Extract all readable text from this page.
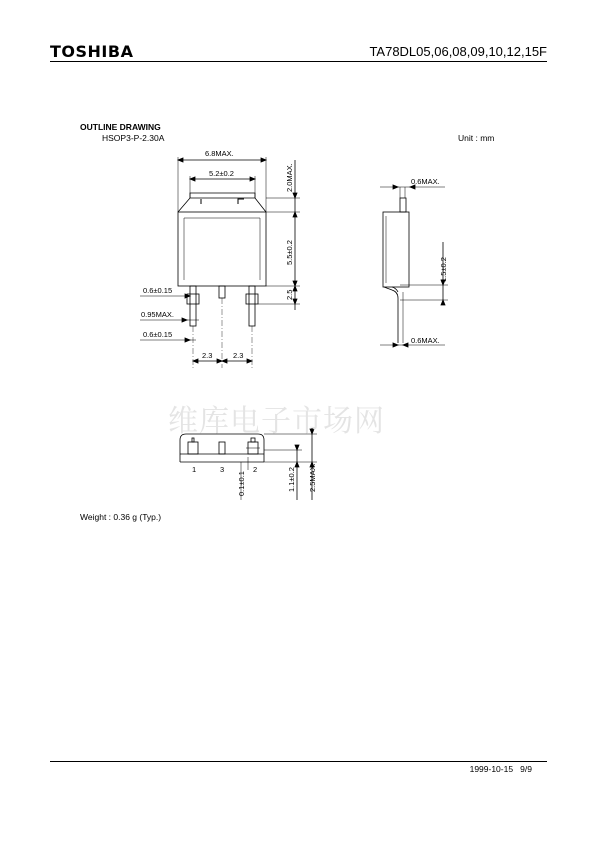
TOSHIBA	TA78DL05,06,08,09,10,12,15F
OUTLINE DRAWING
HSOP3-P-2.30A	Unit : mm
6.8MAX.
5.2±0.2	2.0MAX.
5.5±0.2
2.5
0.6±0.15
0.95MAX.
0.6±0.15
2.3	2.3
0.6MAX.
0.6MAX.
1.5±0.2
1	3	2
0.1±0.1	1.1±0.2 2.5MAX.
维库电子市场网
Weight : 0.36 g (Typ.)
1999-10-15 9/9
